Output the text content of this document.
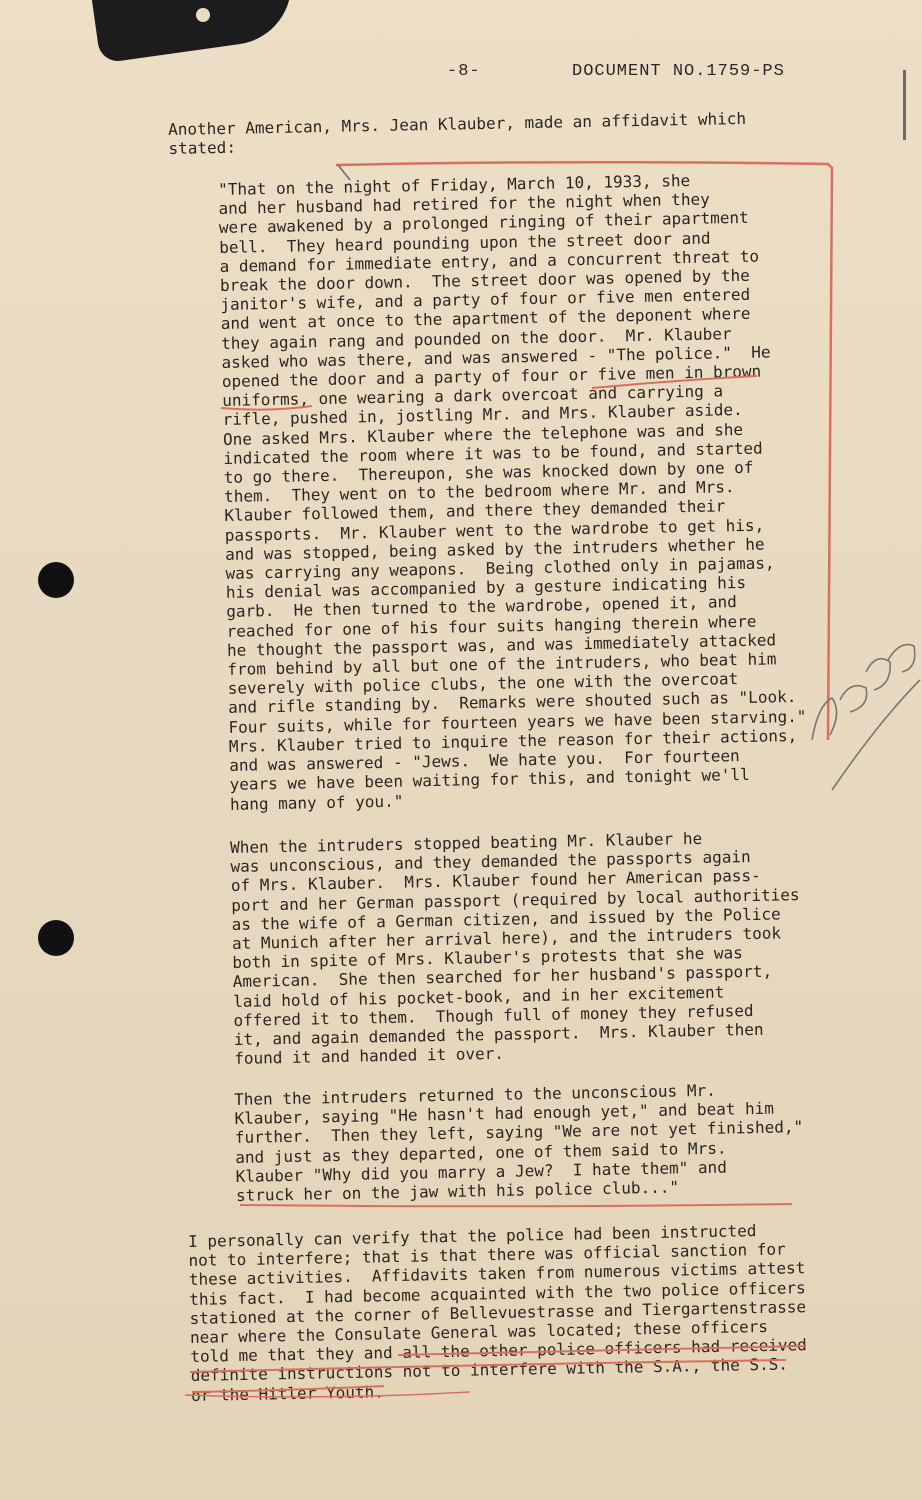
-8-	DOCUMENT NO.1759-PS
Another American, Mrs. Jean Klauber, made an affidavit which
stated:
"That on the night of Friday, March 10, 1933, she
and her husband had retired for the night when they
were awakened by a prolonged ringing of their apartment
bell.  They heard pounding upon the street door and
a demand for immediate entry, and a concurrent threat to
break the door down.  The street door was opened by the
janitor's wife, and a party of four or five men entered
and went at once to the apartment of the deponent where
they again rang and pounded on the door.  Mr. Klauber
asked who was there, and was answered - "The police."  He
opened the door and a party of four or five men in brown
uniforms, one wearing a dark overcoat and carrying a
rifle, pushed in, jostling Mr. and Mrs. Klauber aside.
One asked Mrs. Klauber where the telephone was and she
indicated the room where it was to be found, and started
to go there.  Thereupon, she was knocked down by one of
them.  They went on to the bedroom where Mr. and Mrs.
Klauber followed them, and there they demanded their
passports.  Mr. Klauber went to the wardrobe to get his,
and was stopped, being asked by the intruders whether he
was carrying any weapons.  Being clothed only in pajamas,
his denial was accompanied by a gesture indicating his
garb.  He then turned to the wardrobe, opened it, and
reached for one of his four suits hanging therein where
he thought the passport was, and was immediately attacked
from behind by all but one of the intruders, who beat him
severely with police clubs, the one with the overcoat
and rifle standing by.  Remarks were shouted such as "Look.
Four suits, while for fourteen years we have been starving."
Mrs. Klauber tried to inquire the reason for their actions,
and was answered - "Jews.  We hate you.  For fourteen
years we have been waiting for this, and tonight we'll
hang many of you."
When the intruders stopped beating Mr. Klauber he
was unconscious, and they demanded the passports again
of Mrs. Klauber.  Mrs. Klauber found her American pass-
port and her German passport (required by local authorities
as the wife of a German citizen, and issued by the Police
at Munich after her arrival here), and the intruders took
both in spite of Mrs. Klauber's protests that she was
American.  She then searched for her husband's passport,
laid hold of his pocket-book, and in her excitement
offered it to them.  Though full of money they refused
it, and again demanded the passport.  Mrs. Klauber then
found it and handed it over.
Then the intruders returned to the unconscious Mr.
Klauber, saying "He hasn't had enough yet," and beat him
further.  Then they left, saying "We are not yet finished,"
and just as they departed, one of them said to Mrs.
Klauber "Why did you marry a Jew?  I hate them" and
struck her on the jaw with his police club..."
I personally can verify that the police had been instructed
not to interfere; that is that there was official sanction for
these activities.  Affidavits taken from numerous victims attest
this fact.  I had become acquainted with the two police officers
stationed at the corner of Bellevuestrasse and Tiergartenstrasse
near where the Consulate General was located; these officers
told me that they and all the other police officers had received
definite instructions not to interfere with the S.A., the S.S.
or the Hitler Youth.
